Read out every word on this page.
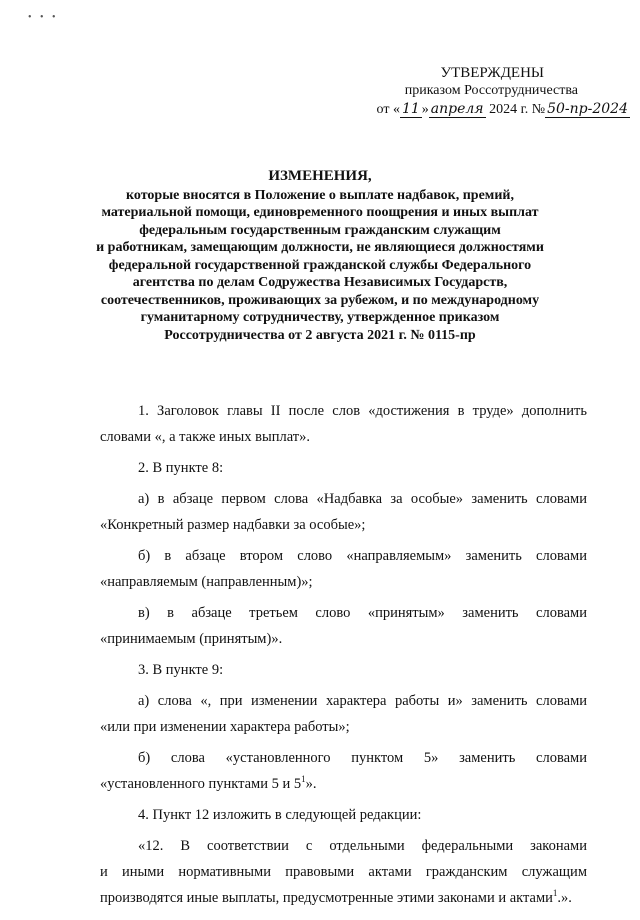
• • •
УТВЕРЖДЕНЫ
приказом Россотрудничества
от « 11 » апреля 2024 г. № 50-пр-2024
ИЗМЕНЕНИЯ,
которые вносятся в Положение о выплате надбавок, премий,
материальной помощи, единовременного поощрения и иных выплат
федеральным государственным гражданским служащим
и работникам, замещающим должности, не являющиеся должностями
федеральной государственной гражданской службы Федерального
агентства по делам Содружества Независимых Государств,
соотечественников, проживающих за рубежом, и по международному
гуманитарному сотрудничеству, утвержденное приказом
Россотрудничества от 2 августа 2021 г. № 0115-пр
1. Заголовок главы II после слов «достижения в труде» дополнить
словами «, а также иных выплат».
2. В пункте 8:
а) в абзаце первом слова «Надбавка за особые» заменить словами
«Конкретный размер надбавки за особые»;
б) в абзаце втором слово «направляемым» заменить словами
«направляемым (направленным)»;
в) в абзаце третьем слово «принятым» заменить словами
«принимаемым (принятым)».
3. В пункте 9:
а) слова «, при изменении характера работы и» заменить словами
«или при изменении характера работы»;
б) слова «установленного пунктом 5» заменить словами
«установленного пунктами 5 и $5^1$».
4. Пункт 12 изложить в следующей редакции:
«12. В соответствии с отдельными федеральными законами
и иными нормативными правовыми актами гражданским служащим
производятся иные выплаты, предусмотренные этими законами и актами$^1$.».
